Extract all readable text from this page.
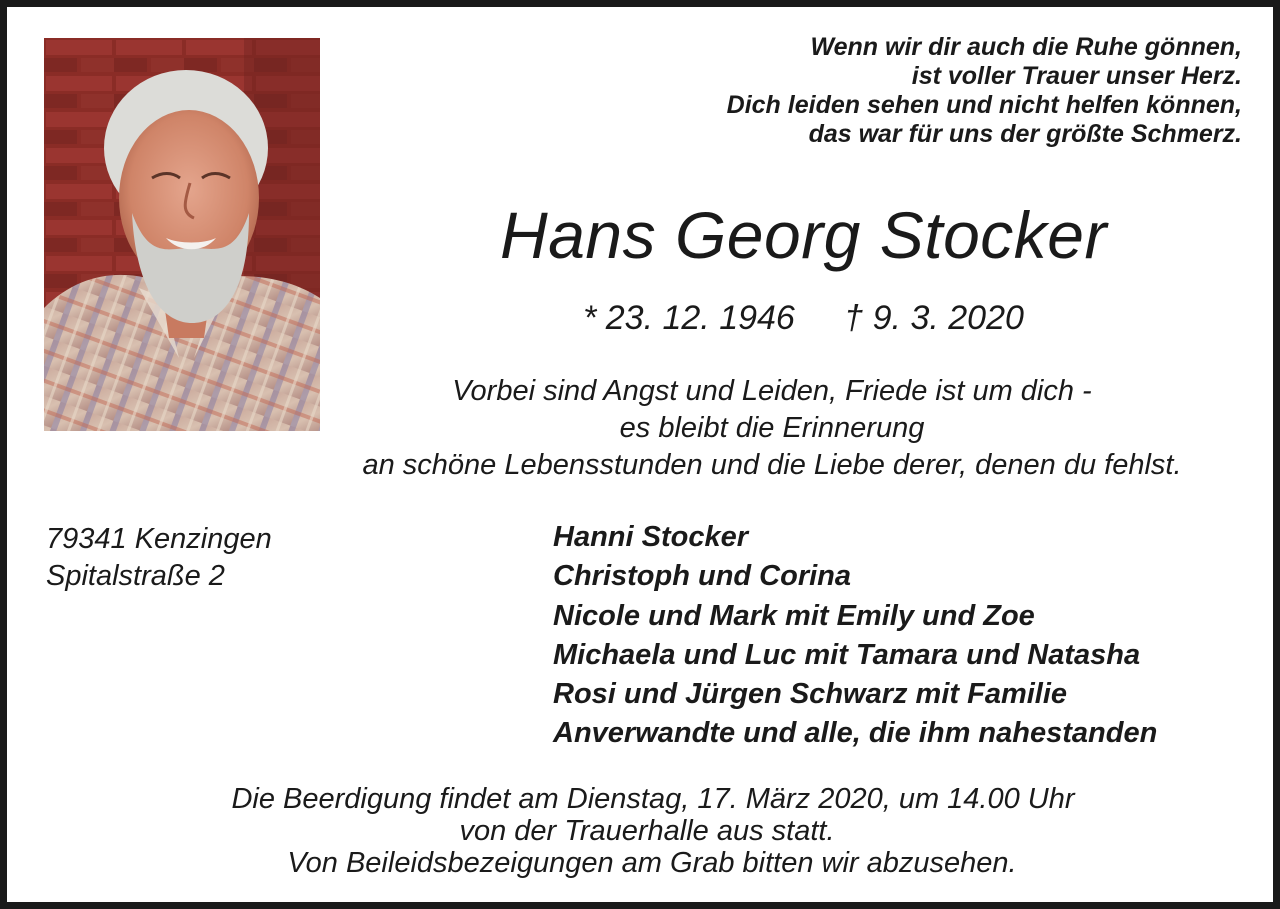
Wenn wir dir auch die Ruhe gönnen,
ist voller Trauer unser Herz.
Dich leiden sehen und nicht helfen können,
das war für uns der größte Schmerz.
Hans Georg Stocker
* 23. 12. 1946 † 9. 3. 2020
Vorbei sind Angst und Leiden, Friede ist um dich -
es bleibt die Erinnerung
an schöne Lebensstunden und die Liebe derer, denen du fehlst.
79341 Kenzingen
Spitalstraße 2
Hanni Stocker
Christoph und Corina
Nicole und Mark mit Emily und Zoe
Michaela und Luc mit Tamara und Natasha
Rosi und Jürgen Schwarz mit Familie
Anverwandte und alle, die ihm nahestanden
Die Beerdigung findet am Dienstag, 17. März 2020, um 14.00 Uhr
von der Trauerhalle aus statt.
Von Beileidsbezeigungen am Grab bitten wir abzusehen.
